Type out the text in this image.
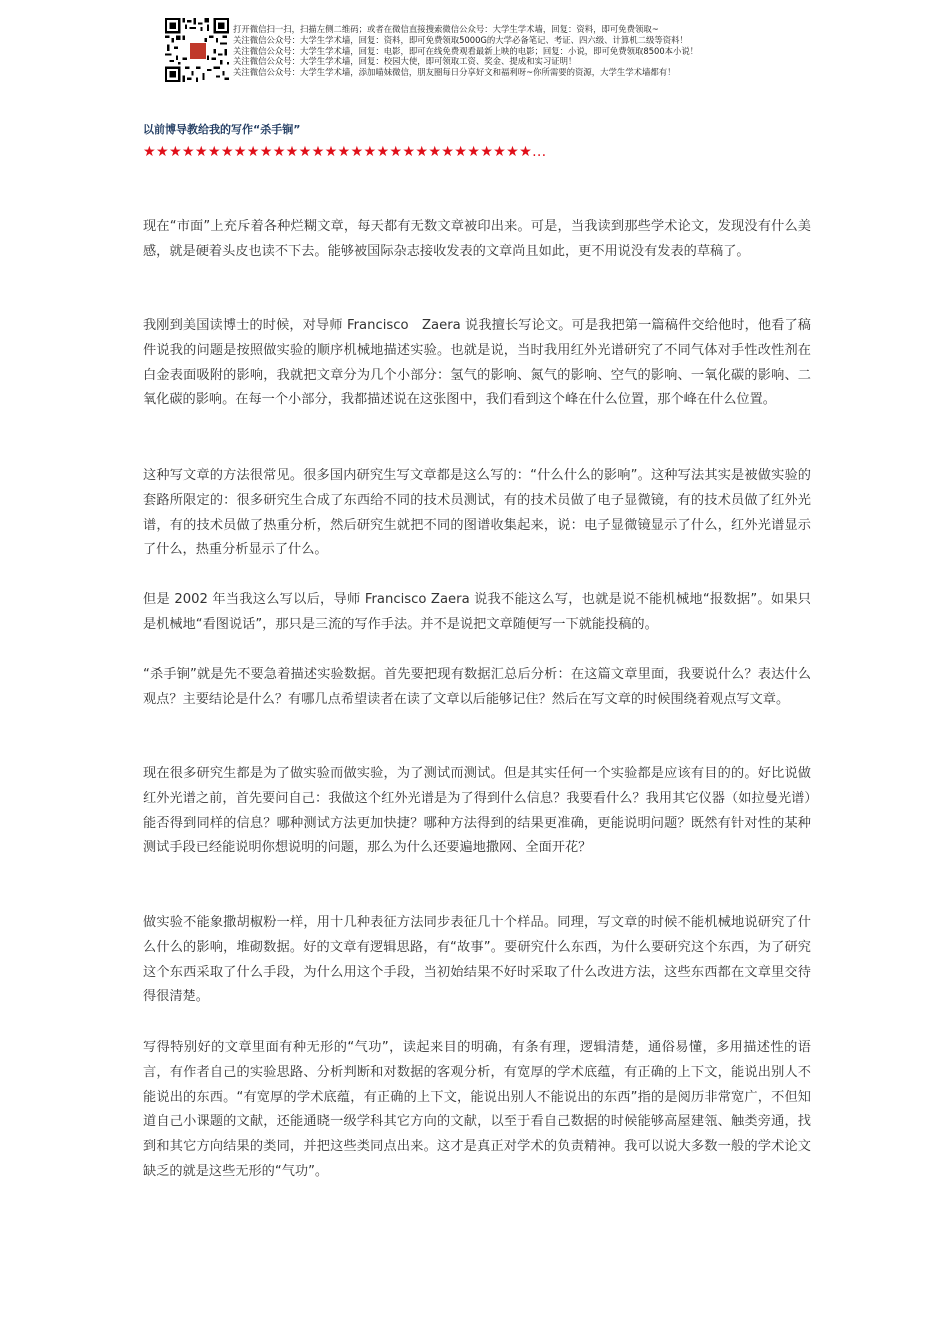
打开微信扫一扫，扫描左侧二维码；或者在微信直接搜索微信公众号：大学生学术墙，回复：资料，即可免费领取~
关注微信公众号：大学生学术墙，回复：资料，即可免费领取5000G的大学必备笔记、考证、四六级、计算机二级等资料！
关注微信公众号：大学生学术墙，回复：电影，即可在线免费观看最新上映的电影；回复：小说，即可免费领取8500本小说！
关注微信公众号：大学生学术墙，回复：校园大使，即可领取工资、奖金、提成和实习证明！
关注微信公众号：大学生学术墙，添加喵妹微信，朋友圈每日分享好文和福利呀~你所需要的资源，大学生学术墙都有！
以前博导教给我的写作“杀手锏”
★★★★★★★★★★★★★★★★★★★★★★★★★★★★★★...
现在“市面”上充斥着各种烂糊文章，每天都有无数文章被印出来。可是，当我读到那些学术论文，发现没有什么美感，就是硬着头皮也读不下去。能够被国际杂志接收发表的文章尚且如此，更不用说没有发表的草稿了。
我刚到美国读博士的时候，对导师 Francisco　Zaera 说我擅长写论文。可是我把第一篇稿件交给他时，他看了稿件说我的问题是按照做实验的顺序机械地描述实验。也就是说，当时我用红外光谱研究了不同气体对手性改性剂在白金表面吸附的影响，我就把文章分为几个小部分：氢气的影响、氮气的影响、空气的影响、一氧化碳的影响、二氧化碳的影响。在每一个小部分，我都描述说在这张图中，我们看到这个峰在什么位置，那个峰在什么位置。
这种写文章的方法很常见。很多国内研究生写文章都是这么写的：“什么什么的影响”。这种写法其实是被做实验的套路所限定的：很多研究生合成了东西给不同的技术员测试，有的技术员做了电子显微镜，有的技术员做了红外光谱，有的技术员做了热重分析，然后研究生就把不同的图谱收集起来，说：电子显微镜显示了什么，红外光谱显示了什么，热重分析显示了什么。
但是 2002 年当我这么写以后，导师 Francisco Zaera 说我不能这么写，也就是说不能机械地“报数据”。如果只是机械地“看图说话”，那只是三流的写作手法。并不是说把文章随便写一下就能投稿的。
“杀手锏”就是先不要急着描述实验数据。首先要把现有数据汇总后分析：在这篇文章里面，我要说什么？表达什么观点？主要结论是什么？有哪几点希望读者在读了文章以后能够记住？然后在写文章的时候围绕着观点写文章。
现在很多研究生都是为了做实验而做实验，为了测试而测试。但是其实任何一个实验都是应该有目的的。好比说做红外光谱之前，首先要问自己：我做这个红外光谱是为了得到什么信息？我要看什么？我用其它仪器（如拉曼光谱）能否得到同样的信息？哪种测试方法更加快捷？哪种方法得到的结果更准确，更能说明问题？既然有针对性的某种测试手段已经能说明你想说明的问题，那么为什么还要遍地撒网、全面开花？
做实验不能象撒胡椒粉一样，用十几种表征方法同步表征几十个样品。同理，写文章的时候不能机械地说研究了什么什么的影响，堆砌数据。好的文章有逻辑思路，有“故事”。要研究什么东西，为什么要研究这个东西，为了研究这个东西采取了什么手段，为什么用这个手段，当初始结果不好时采取了什么改进方法，这些东西都在文章里交待得很清楚。
写得特别好的文章里面有种无形的“气功”，读起来目的明确，有条有理，逻辑清楚，通俗易懂，多用描述性的语言，有作者自己的实验思路、分析判断和对数据的客观分析，有宽厚的学术底蕴，有正确的上下文，能说出别人不能说出的东西。“有宽厚的学术底蕴，有正确的上下文，能说出别人不能说出的东西”指的是阅历非常宽广，不但知道自己小课题的文献，还能通晓一级学科其它方向的文献，以至于看自己数据的时候能够高屋建瓴、触类旁通，找到和其它方向结果的类同，并把这些类同点出来。这才是真正对学术的负责精神。我可以说大多数一般的学术论文缺乏的就是这些无形的“气功”。
